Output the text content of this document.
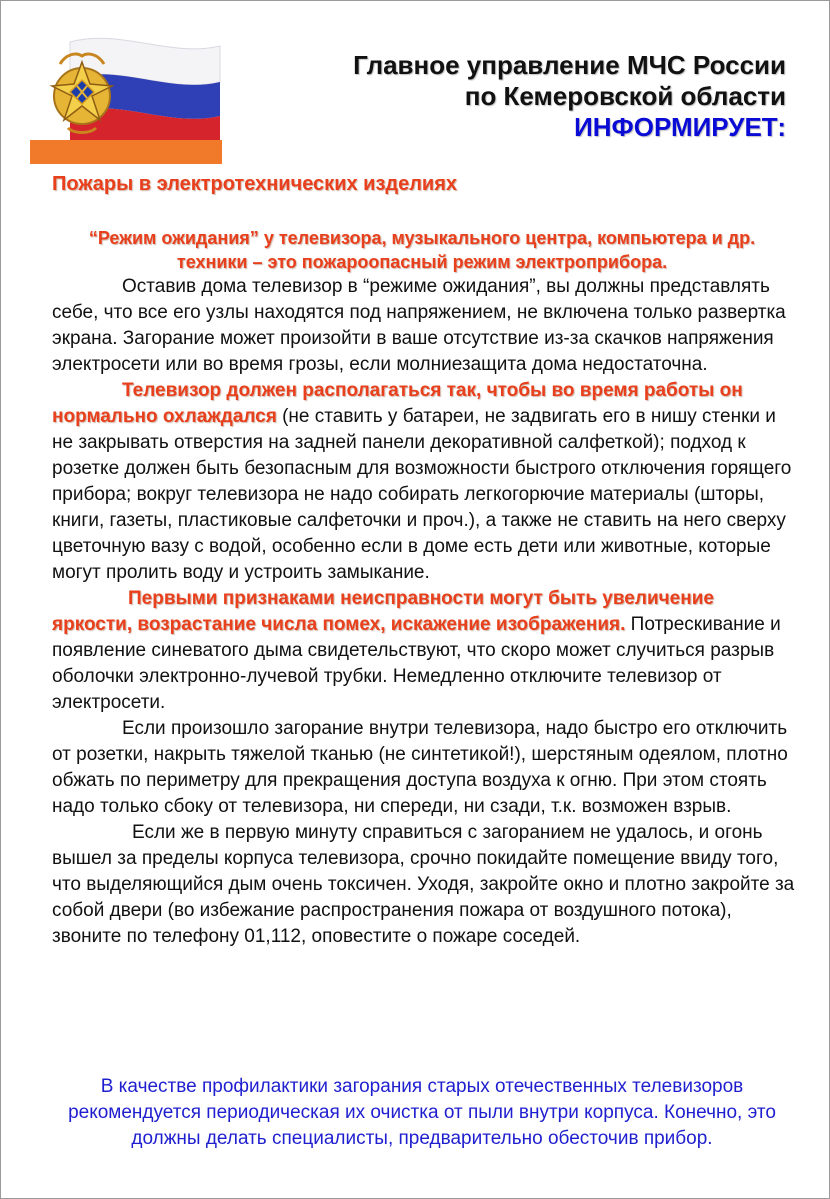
Главное управление МЧС России
по Кемеровской области
ИНФОРМИРУЕТ:
Пожары в электротехнических изделиях
“Режим ожидания” у телевизора, музыкального центра, компьютера и др. техники – это пожароопасный режим электроприбора.

Оставив дома телевизор в “режиме ожидания”, вы должны представлять себе, что все его узлы находятся под напряжением, не включена только развертка экрана. Загорание может произойти в ваше отсутствие из-за скачков напряжения электросети или во время грозы, если молниезащита дома недостаточна.

Телевизор должен располагаться так, чтобы во время работы он нормально охлаждался (не ставить у батареи, не задвигать его в нишу стенки и не закрывать отверстия на задней панели декоративной салфеткой); подход к розетке должен быть безопасным для возможности быстрого отключения горящего прибора; вокруг телевизора не надо собирать легкогорючие материалы (шторы, книги, газеты, пластиковые салфеточки и проч.), а также не ставить на него сверху цветочную вазу с водой, особенно если в доме есть дети или животные, которые могут пролить воду и устроить замыкание.

Первыми признаками неисправности могут быть увеличение яркости, возрастание числа помех, искажение изображения. Потрескивание и появление синеватого дыма свидетельствуют, что скоро может случиться разрыв оболочки электронно-лучевой трубки. Немедленно отключите телевизор от электросети.

Если произошло загорание внутри телевизора, надо быстро его отключить от розетки, накрыть тяжелой тканью (не синтетикой!), шерстяным одеялом, плотно обжать по периметру для прекращения доступа воздуха к огню. При этом стоять надо только сбоку от телевизора, ни спереди, ни сзади, т.к. возможен взрыв.

Если же в первую минуту справиться с загоранием не удалось, и огонь вышел за пределы корпуса телевизора, срочно покидайте помещение ввиду того, что выделяющийся дым очень токсичен. Уходя, закройте окно и плотно закройте за собой двери (во избежание распространения пожара от воздушного потока), звоните по телефону 01,112, оповестите о пожаре соседей.

В качестве профилактики загорания старых отечественных телевизоров рекомендуется периодическая их очистка от пыли внутри корпуса. Конечно, это должны делать специалисты, предварительно обесточив прибор.
